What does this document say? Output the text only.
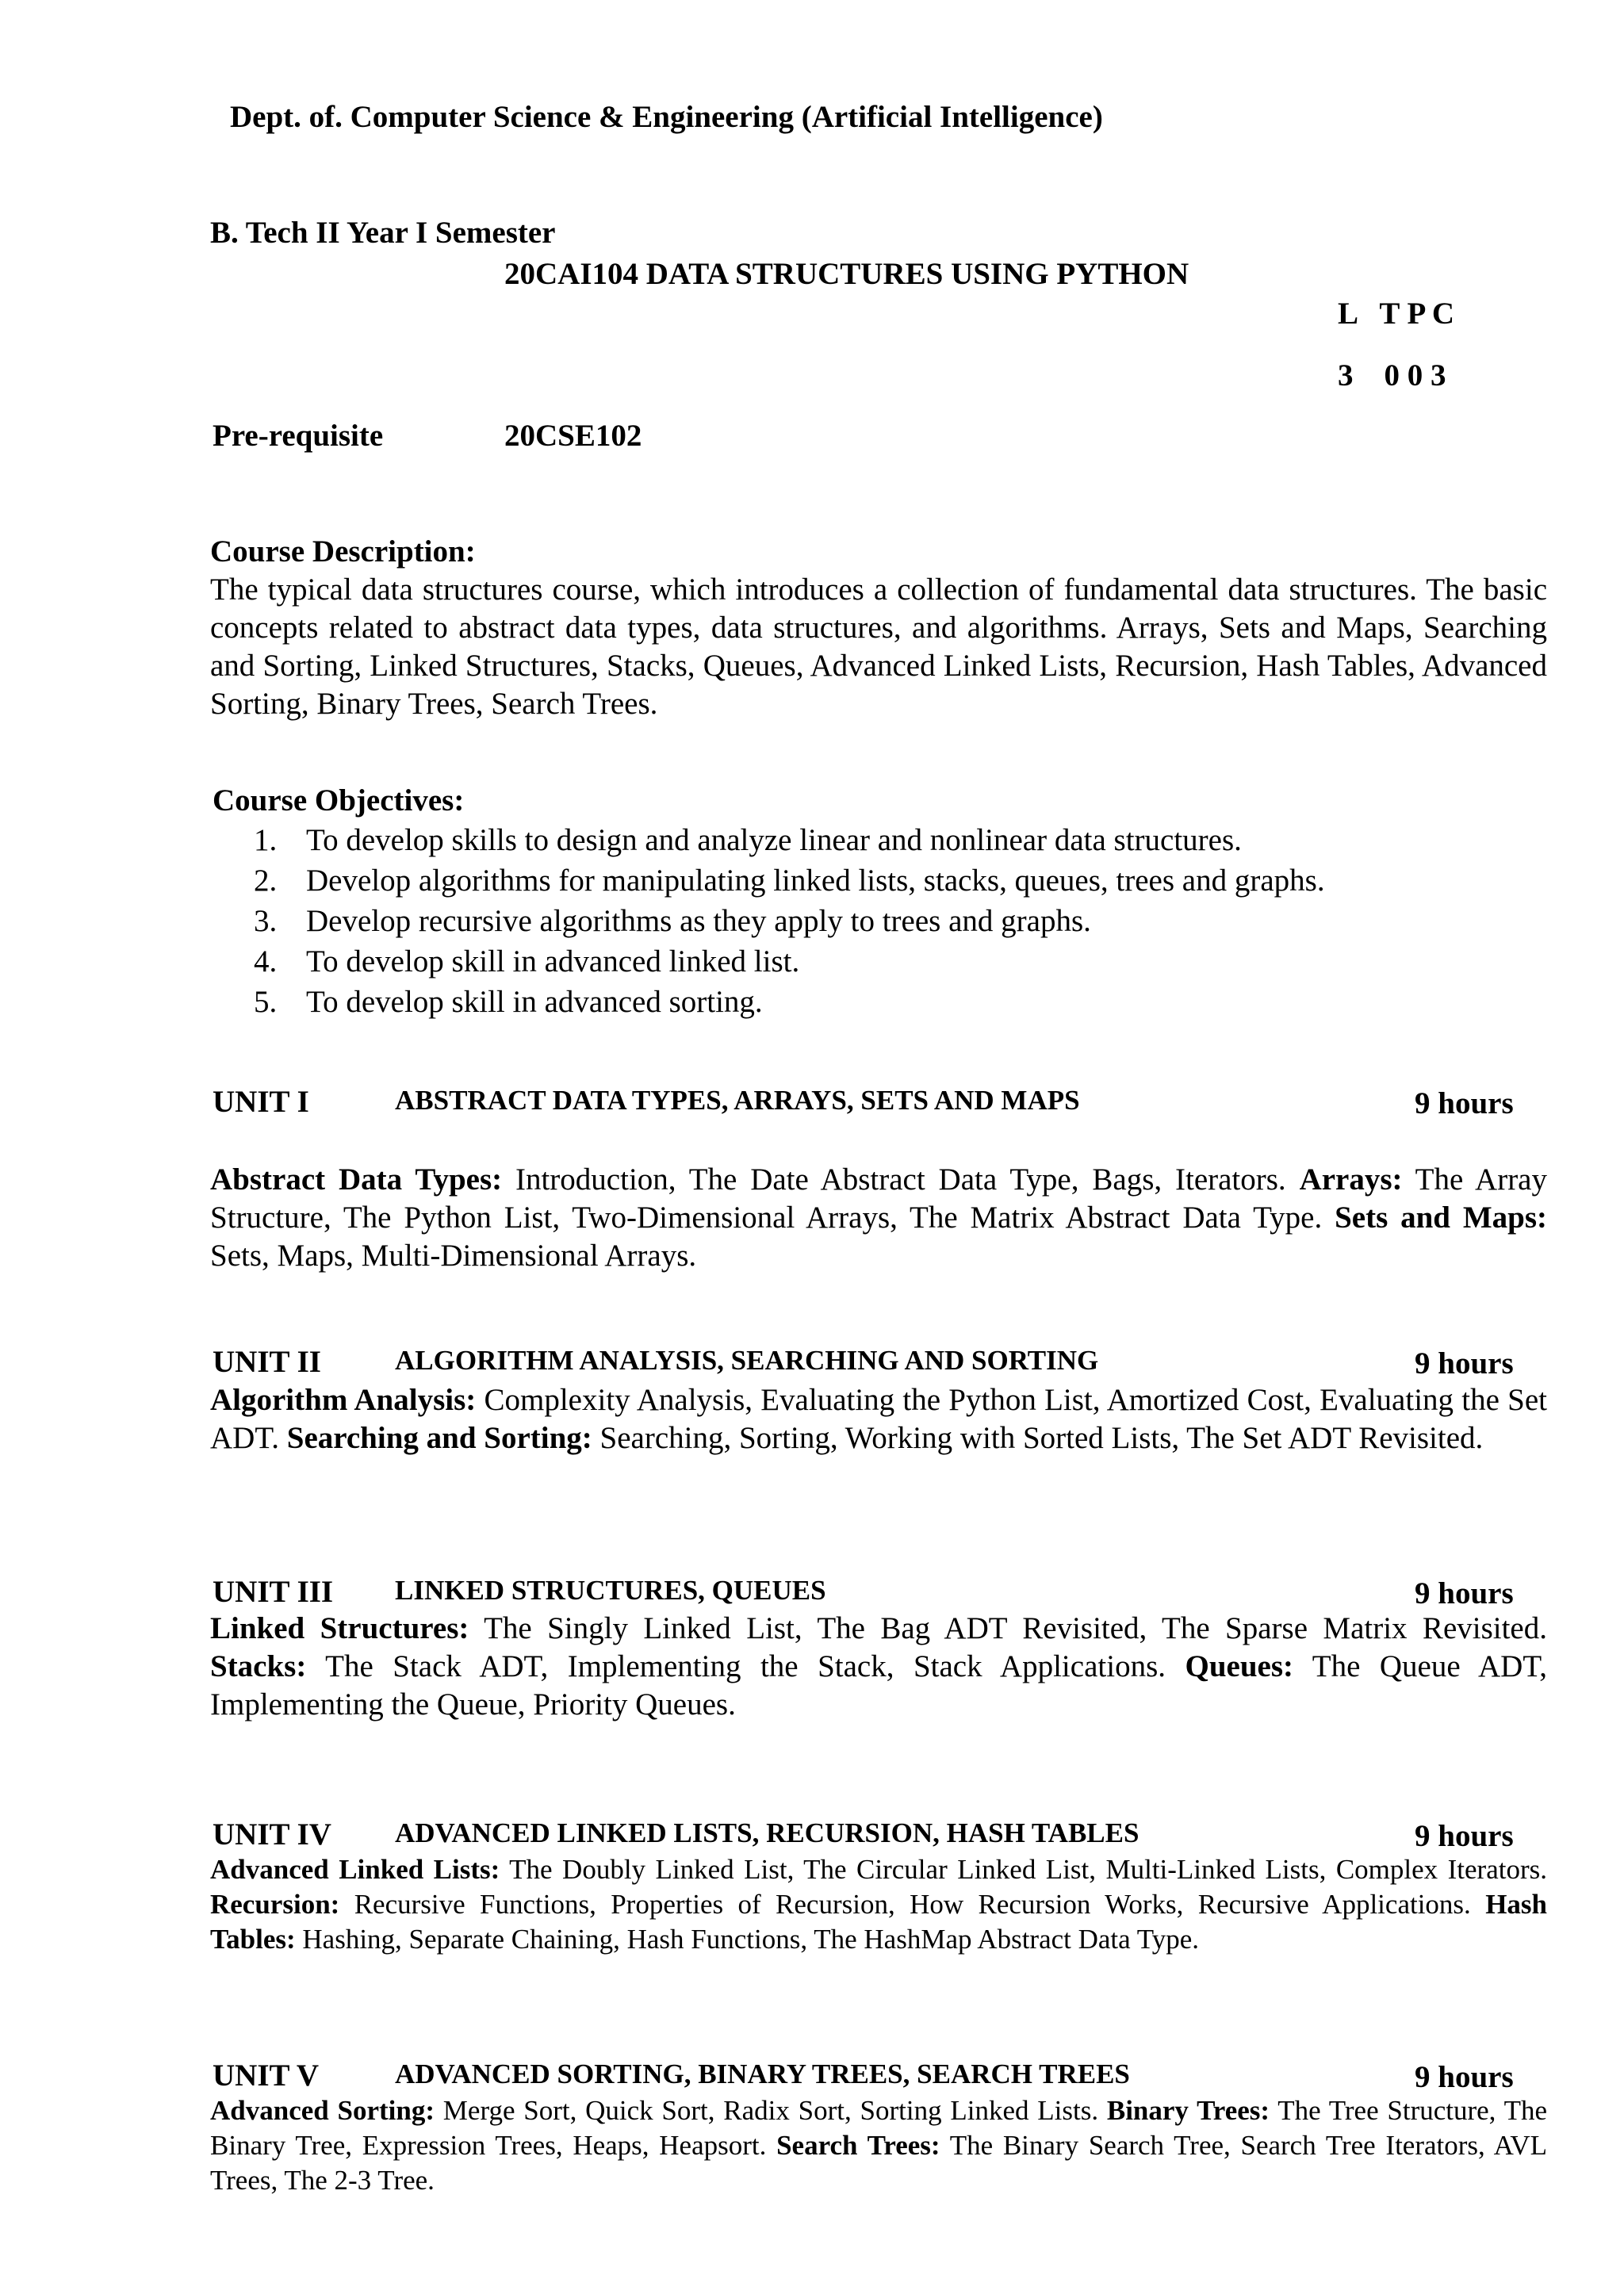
Dept. of. Computer Science & Engineering (Artificial Intelligence)
B. Tech II Year I Semester
20CAI104 DATA STRUCTURES USING PYTHON
L   T P C
3    0 0 3
Pre-requisite	20CSE102
Course Description:
The typical data structures course, which introduces a collection of fundamental data structures. The basic concepts related to abstract data types, data structures, and algorithms. Arrays, Sets and Maps, Searching and Sorting, Linked Structures, Stacks, Queues, Advanced Linked Lists, Recursion, Hash Tables, Advanced Sorting, Binary Trees, Search Trees.
Course Objectives:
1. To develop skills to design and analyze linear and nonlinear data structures.
2. Develop algorithms for manipulating linked lists, stacks, queues, trees and graphs.
3. Develop recursive algorithms as they apply to trees and graphs.
4. To develop skill in advanced linked list.
5. To develop skill in advanced sorting.
UNIT I	ABSTRACT DATA TYPES, ARRAYS, SETS AND MAPS	9 hours
Abstract Data Types: Introduction, The Date Abstract Data Type, Bags, Iterators. Arrays: The Array Structure, The Python List, Two-Dimensional Arrays, The Matrix Abstract Data Type. Sets and Maps: Sets, Maps, Multi-Dimensional Arrays.
UNIT II	ALGORITHM ANALYSIS, SEARCHING AND SORTING	9 hours
Algorithm Analysis: Complexity Analysis, Evaluating the Python List, Amortized Cost, Evaluating the Set ADT. Searching and Sorting: Searching, Sorting, Working with Sorted Lists, The Set ADT Revisited.
UNIT III LINKED STRUCTURES, QUEUES	9 hours
Linked Structures: The Singly Linked List, The Bag ADT Revisited, The Sparse Matrix Revisited. Stacks: The Stack ADT, Implementing the Stack, Stack Applications. Queues: The Queue ADT, Implementing the Queue, Priority Queues.
UNIT IV ADVANCED LINKED LISTS, RECURSION, HASH TABLES	9 hours
Advanced Linked Lists: The Doubly Linked List, The Circular Linked List, Multi-Linked Lists, Complex Iterators. Recursion: Recursive Functions, Properties of Recursion, How Recursion Works, Recursive Applications. Hash Tables: Hashing, Separate Chaining, Hash Functions, The HashMap Abstract Data Type.
UNIT V	ADVANCED SORTING, BINARY TREES, SEARCH TREES	9 hours
Advanced Sorting: Merge Sort, Quick Sort, Radix Sort, Sorting Linked Lists. Binary Trees: The Tree Structure, The Binary Tree, Expression Trees, Heaps, Heapsort. Search Trees: The Binary Search Tree, Search Tree Iterators, AVL Trees, The 2-3 Tree.
